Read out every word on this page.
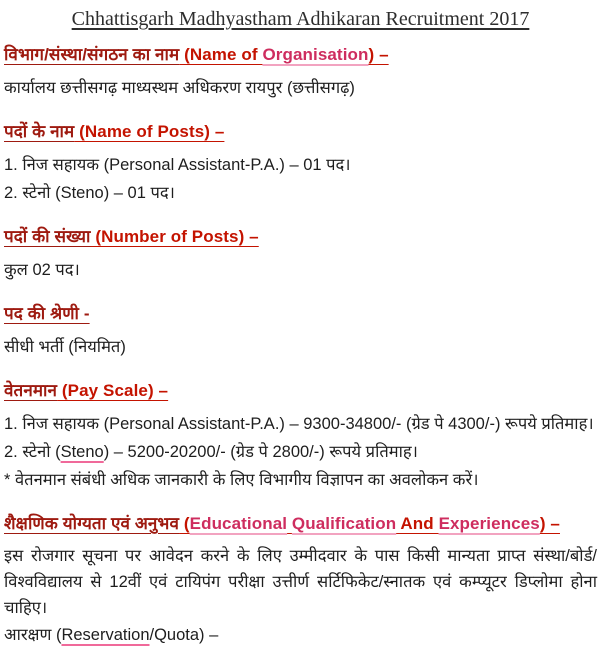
Chhattisgarh Madhyastham Adhikaran Recruitment 2017
विभाग/संस्था/संगठन का नाम (Name of Organisation) –
कार्यालय छत्तीसगढ़ माध्यस्थम अधिकरण रायपुर (छत्तीसगढ़)
पदों के नाम (Name of Posts) –
1. निज सहायक (Personal Assistant-P.A.) – 01 पद।
2. स्टेनो (Steno) – 01 पद।
पदों की संख्या (Number of Posts) –
कुल 02 पद।
पद की श्रेणी -
सीधी भर्ती (नियमित)
वेतनमान (Pay Scale) –
1. निज सहायक (Personal Assistant-P.A.) – 9300-34800/- (ग्रेड पे 4300/-) रूपये प्रतिमाह।
2. स्टेनो (Steno) – 5200-20200/- (ग्रेड पे 2800/-) रूपये प्रतिमाह।
* वेतनमान संबंधी अधिक जानकारी के लिए विभागीय विज्ञापन का अवलोकन करें।
शैक्षणिक योग्यता एवं अनुभव (Educational Qualification And Experiences) –
इस रोजगार सूचना पर आवेदन करने के लिए उम्मीदवार के पास किसी मान्यता प्राप्त संस्था/बोर्ड/विश्वविद्यालय से 12वीं एवं टायिपंग परीक्षा उत्तीर्ण सर्टिफिकेट/स्नातक एवं कम्प्यूटर डिप्लोमा होना चाहिए।
आरक्षण (Reservation/Quota) –
